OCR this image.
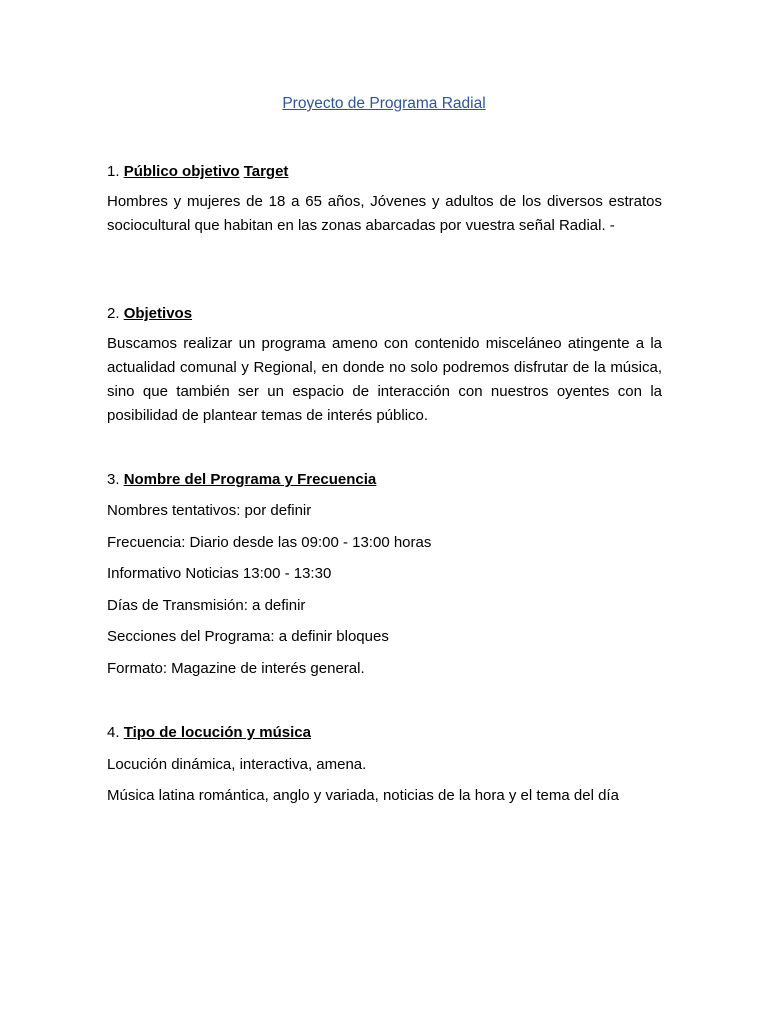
Proyecto de Programa Radial
1. Público objetivo Target
Hombres y mujeres de 18 a 65 años, Jóvenes y adultos de los diversos estratos sociocultural que habitan en las zonas abarcadas por vuestra señal Radial. -
2. Objetivos
Buscamos realizar un programa ameno con contenido misceláneo atingente a la actualidad comunal y Regional, en donde no solo podremos disfrutar de la música, sino que también ser un espacio de interacción con nuestros oyentes con la posibilidad de plantear temas de interés público.
3. Nombre del Programa y Frecuencia
Nombres tentativos: por definir
Frecuencia: Diario desde las 09:00 - 13:00 horas
Informativo Noticias 13:00 - 13:30
Días de Transmisión: a definir
Secciones del Programa: a definir bloques
Formato: Magazine de interés general.
4. Tipo de locución y música
Locución dinámica, interactiva, amena.
Música latina romántica, anglo y variada, noticias de la hora y el tema del día
